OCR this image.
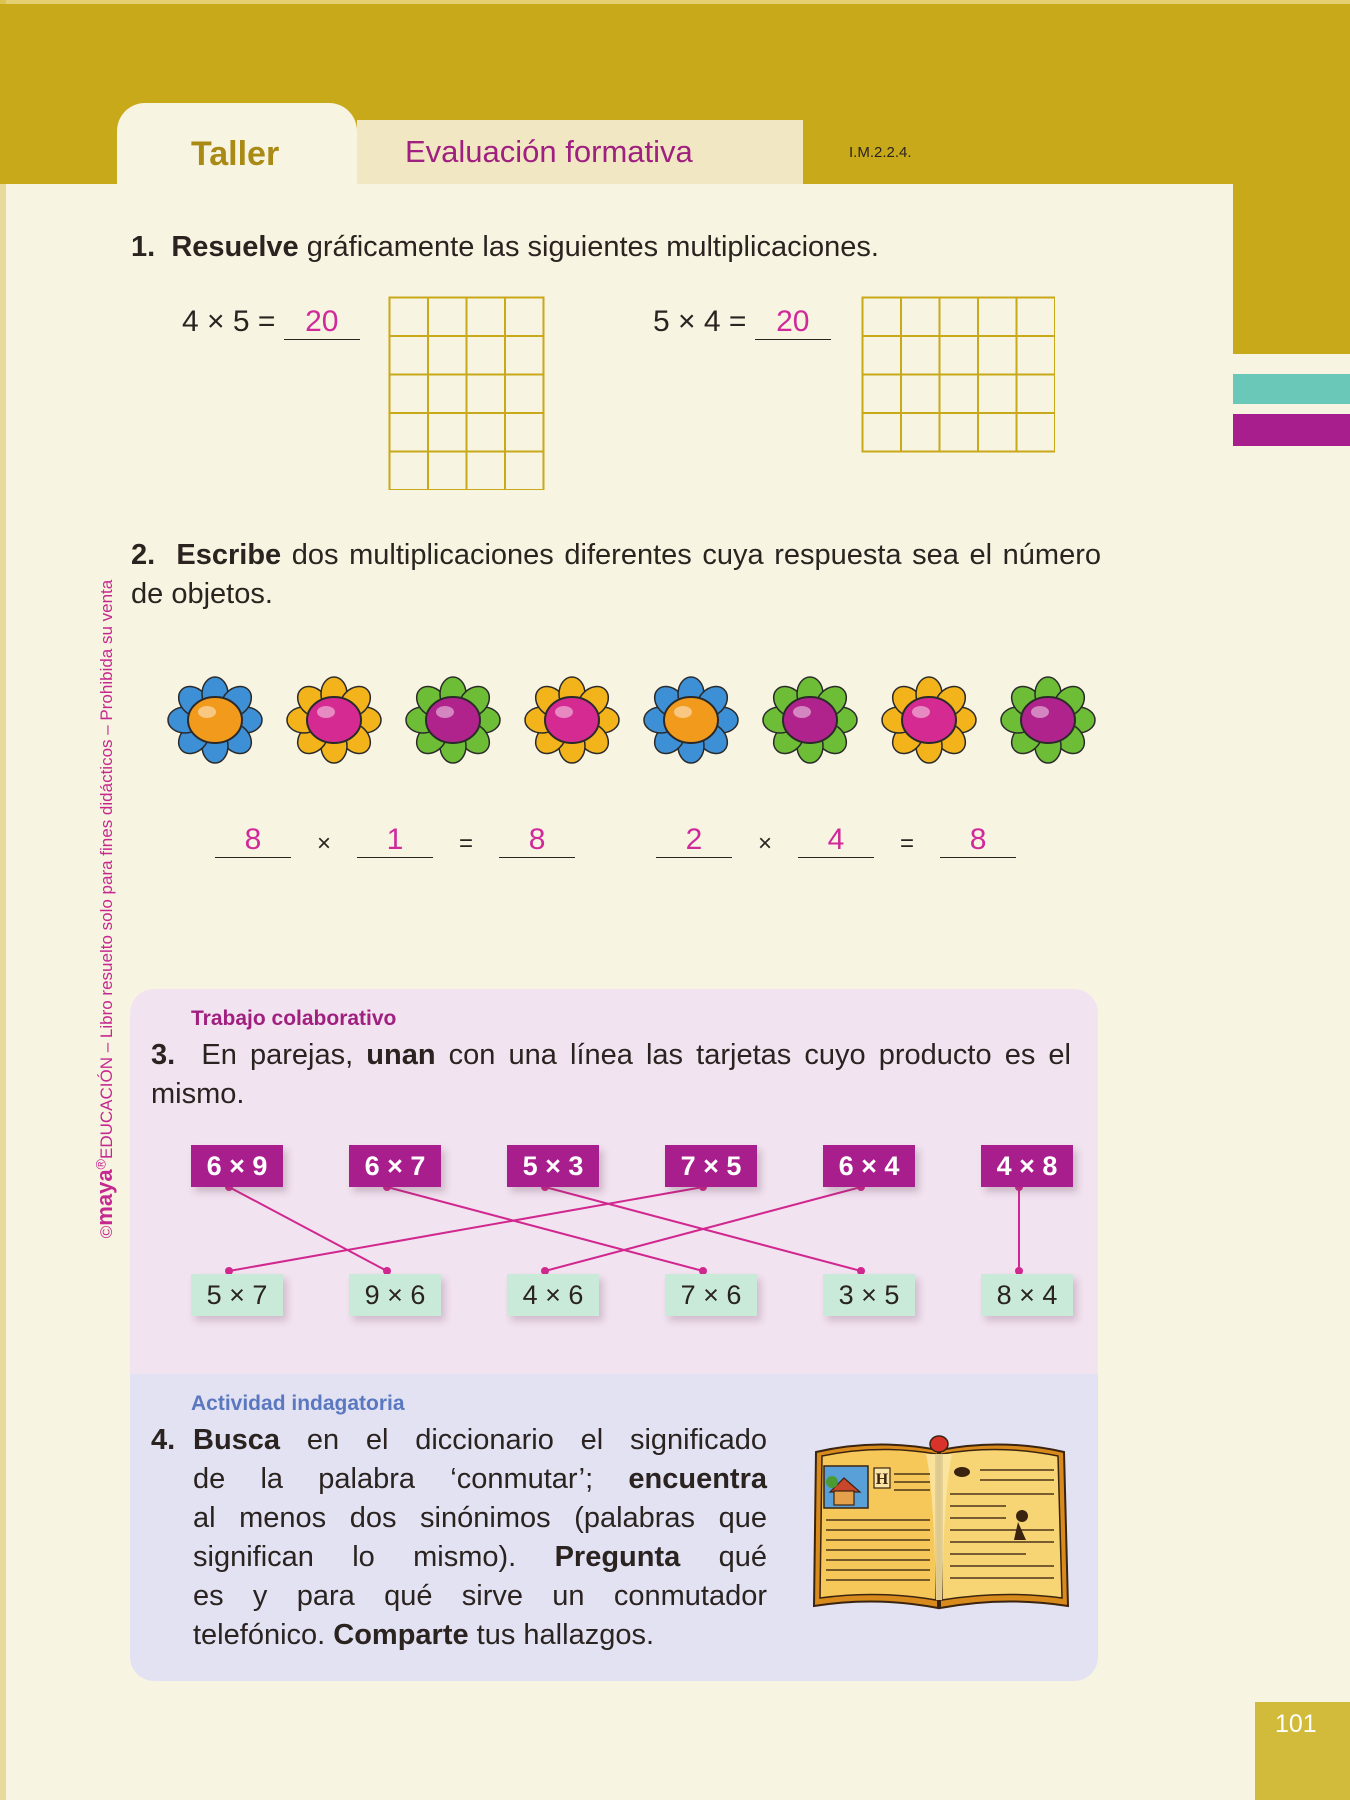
Taller	Evaluación formativa	I.M.2.2.4.
1. Resuelve gráficamente las siguientes multiplicaciones.
4 × 5 = 20	5 × 4 = 20
2. Escribe dos multiplicaciones diferentes cuya respuesta sea el número de objetos.
8	×	1	=	8	2	×	4	=	8
Trabajo colaborativo
3. En parejas, unan con una línea las tarjetas cuyo producto es el mismo.
6 × 9	6 × 7	5 × 3	7 × 5	6 × 4	4 × 8
5 × 7	9 × 6	4 × 6	7 × 6	3 × 5	8 × 4
Actividad indagatoria
4. Busca en el diccionario el significado
de la palabra ‘conmutar’; encuentra
al menos dos sinónimos (palabras que
significan lo mismo). Pregunta qué
es y para qué sirve un conmutador
telefónico. Comparte tus hallazgos.
H
©maya®EDUCACIÓN – Libro resuelto solo para fines didácticos – Prohibida su venta
101
